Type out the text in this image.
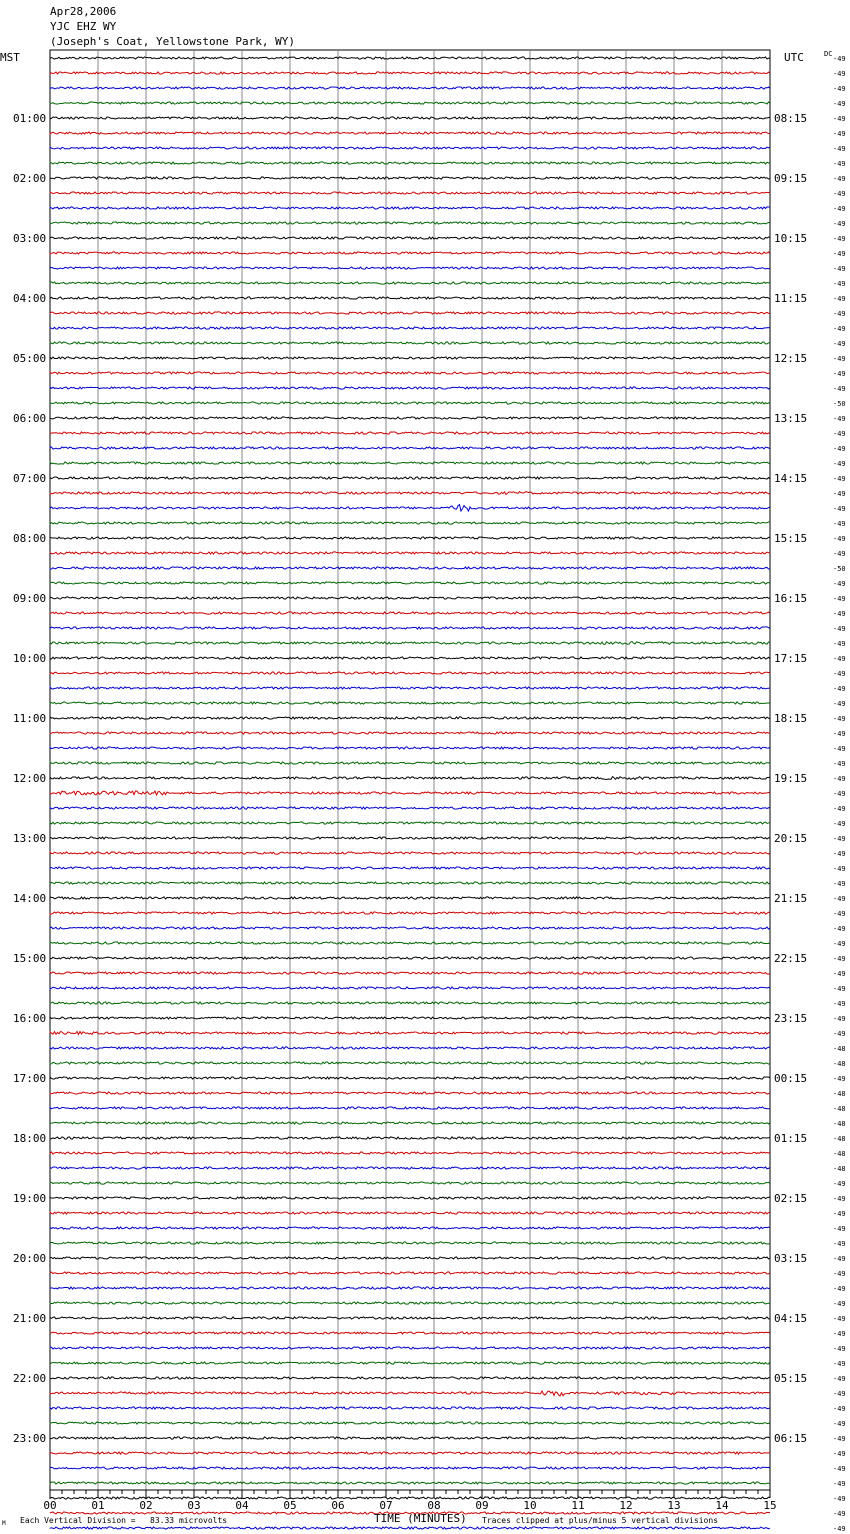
Apr28,2006
YJC EHZ WY
(Joseph's Coat, Yellowstone Park, WY)
01:00
02:00
03:00
04:00
05:00
06:00
07:00
08:00
09:00
10:00
11:00
12:00
13:00
14:00
15:00
16:00
17:00
18:00
19:00
20:00
21:00
22:00
23:00
08:15
09:15
10:15
11:15
12:15
13:15
14:15
15:15
16:15
17:15
18:15
19:15
20:15
21:15
22:15
23:15
00:15
01:15
02:15
03:15
04:15
05:15
06:15
-49
-49
-49
-49
-49
-49
-49
-49
-49
-49
-49
-49
-49
-49
-49
-49
-49
-49
-49
-49
-49
-49
-49
-50
-49
-49
-49
-49
-49
-49
-49
-49
-49
-49
-50
-49
-49
-49
-49
-49
-49
-49
-49
-49
-49
-49
-49
-49
-49
-49
-49
-49
-49
-49
-49
-49
-49
-49
-49
-49
-49
-49
-49
-49
-49
-49
-48
-48
-49
-48
-48
-48
-48
-48
-48
-49
-49
-49
-49
-49
-49
-49
-49
-49
-49
-49
-49
-49
-49
-49
-49
-49
-49
-49
-49
-49
-49
-49
-49
00	01	02	03	04	05	06	07	08	09	10	11	12	13	14	15
MST	UTC	DC
TIME (MINUTES)
M Each Vertical Division =   83.33 microvolts	Traces clipped at plus/minus 5 vertical divisions
